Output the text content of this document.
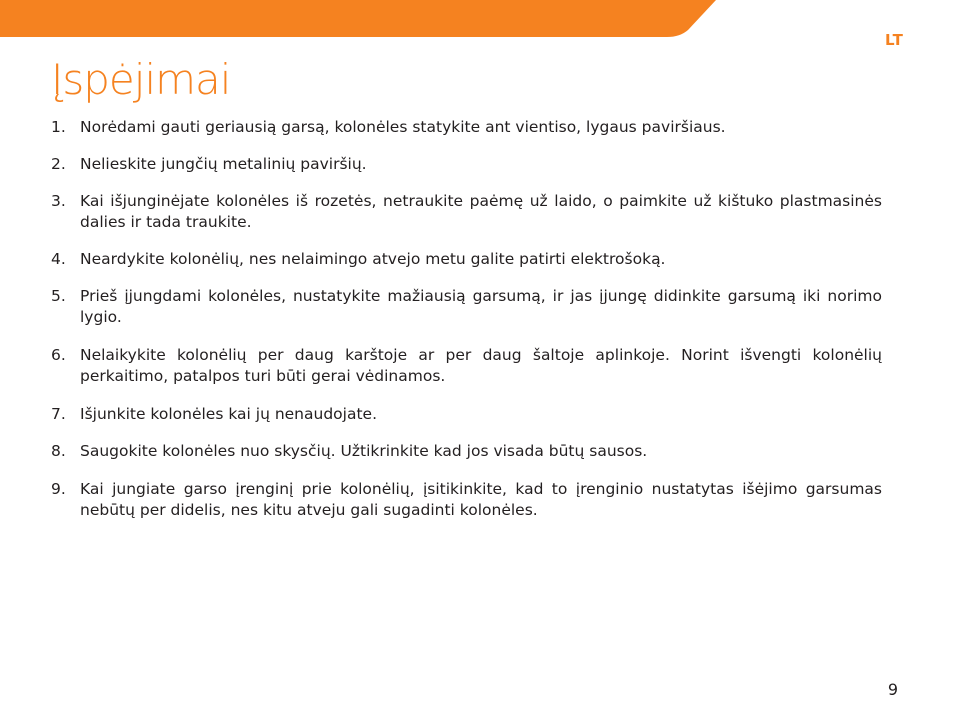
LT
Įspėjimai
1. Norėdami gauti geriausią garsą, kolonėles statykite ant vientiso, lygaus paviršiaus.
2. Nelieskite jungčių metalinių paviršių.
3. Kai išjunginėjate kolonėles iš rozetės, netraukite paėmę už laido, o paimkite už kištuko plastmasinės dalies ir tada traukite.
4. Neardykite kolonėlių, nes nelaimingo atvejo metu galite patirti elektrošoką.
5. Prieš įjungdami kolonėles, nustatykite mažiausią garsumą, ir jas įjungę didinkite garsumą iki norimo lygio.
6. Nelaikykite kolonėlių per daug karštoje ar per daug šaltoje aplinkoje. Norint išvengti kolonėlių perkaitimo, patalpos turi būti gerai vėdinamos.
7. Išjunkite kolonėles kai jų nenaudojate.
8. Saugokite kolonėles nuo skysčių. Užtikrinkite kad jos visada būtų sausos.
9. Kai jungiate garso įrenginį prie kolonėlių, įsitikinkite, kad to įrenginio nustatytas išėjimo garsumas nebūtų per didelis, nes kitu atveju gali sugadinti kolonėles.
9
